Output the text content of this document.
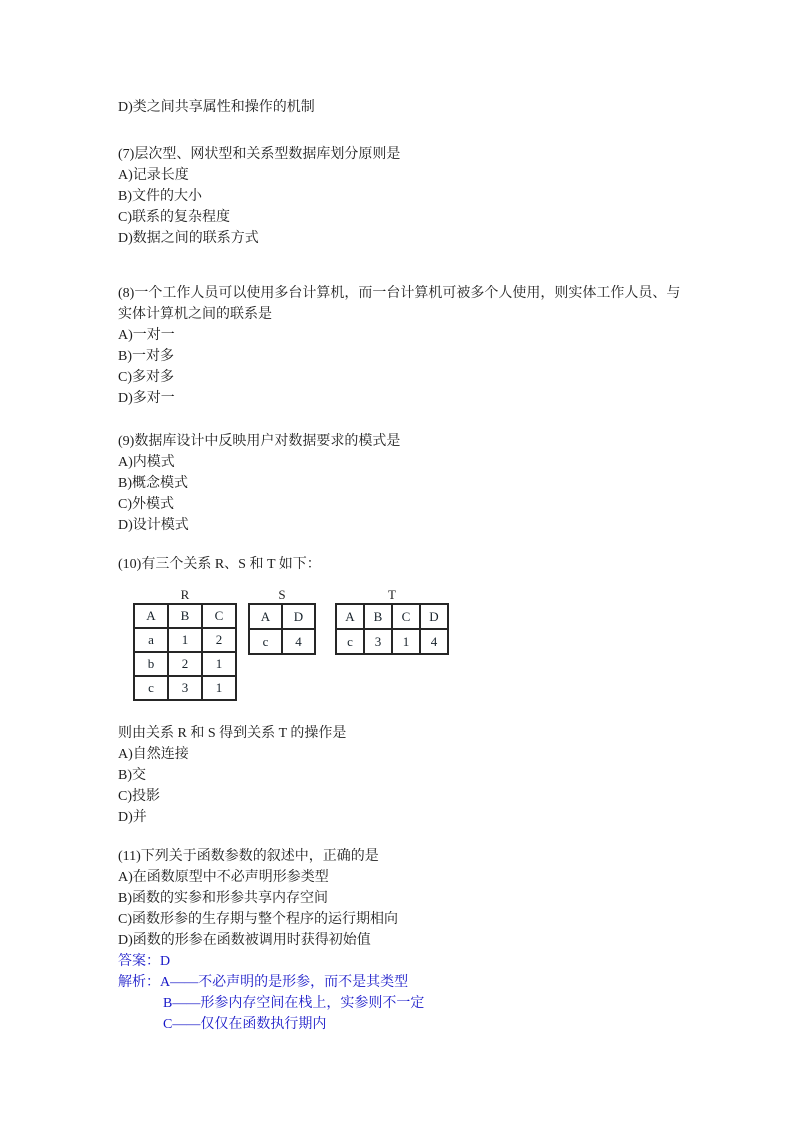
D)类之间共享属性和操作的机制
(7)层次型、网状型和关系型数据库划分原则是
A)记录长度
B)文件的大小
C)联系的复杂程度
D)数据之间的联系方式
(8)一个工作人员可以使用多台计算机，而一台计算机可被多个人使用，则实体工作人员、与
实体计算机之间的联系是
A)一对一
B)一对多
C)多对多
D)多对一
(9)数据库设计中反映用户对数据要求的模式是
A)内模式
B)概念模式
C)外模式
D)设计模式
(10)有三个关系 R、S 和 T 如下：
R
A	B	C
a	1	2
b	2	1
c	3	1
S
A	D
c	4
T
A	B	C	D
c	3	1	4
则由关系 R 和 S 得到关系 T 的操作是
A)自然连接
B)交
C)投影
D)并
(11)下列关于函数参数的叙述中，正确的是
A)在函数原型中不必声明形参类型
B)函数的实参和形参共享内存空间
C)函数形参的生存期与整个程序的运行期相向
D)函数的形参在函数被调用时获得初始值
答案：D
解析：A——不必声明的是形参，而不是其类型
B——形参内存空间在栈上，实参则不一定
C——仅仅在函数执行期内
